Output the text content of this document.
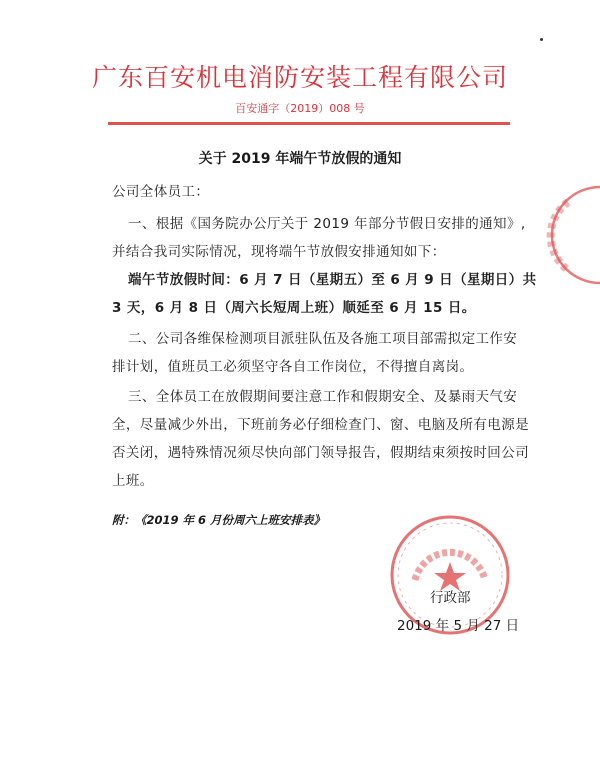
广东百安机电消防安装工程有限公司
百安通字（2019）008 号
关于 2019 年端午节放假的通知
公司全体员工：
一、根据《国务院办公厅关于 2019 年部分节假日安排的通知》,
并结合我司实际情况，现将端午节放假安排通知如下：
端午节放假时间：6 月 7 日（星期五）至 6 月 9 日（星期日）共
3 天，6 月 8 日（周六长短周上班）顺延至 6 月 15 日。
二、公司各维保检测项目派驻队伍及各施工项目部需拟定工作安
排计划，值班员工必须坚守各自工作岗位，不得擅自离岗。
三、全体员工在放假期间要注意工作和假期安全、及暴雨天气安
全，尽量减少外出，下班前务必仔细检查门、窗、电脑及所有电源是
否关闭，遇特殊情况须尽快向部门领导报告，假期结束须按时回公司
上班。
附：《2019 年 6 月份周六上班安排表》
行政部
2019 年 5 月 27 日
